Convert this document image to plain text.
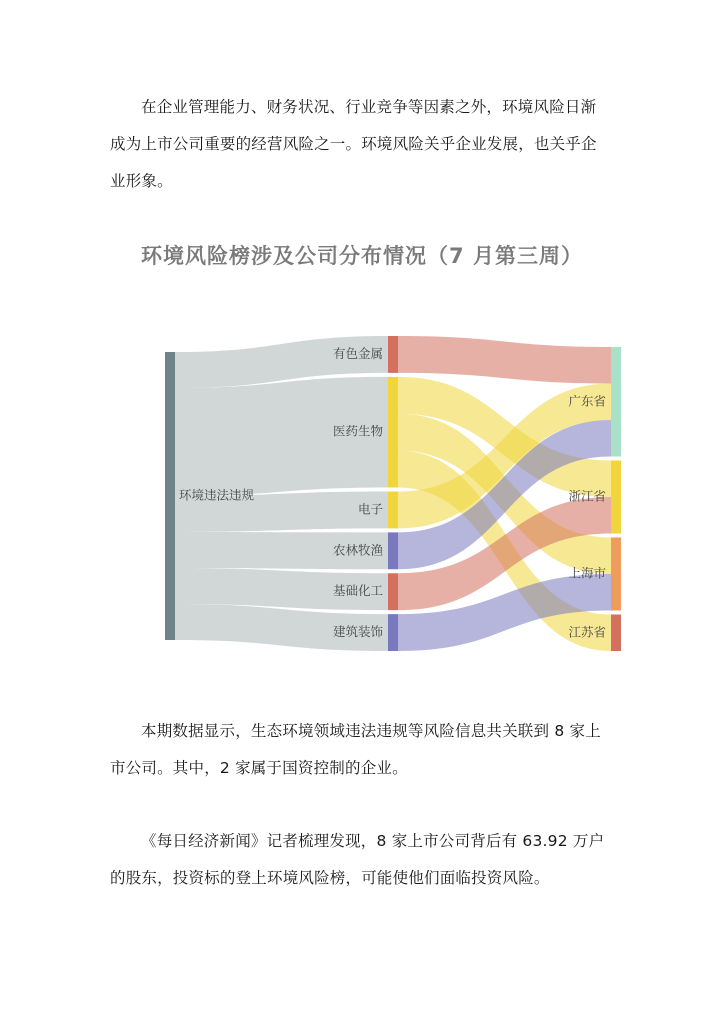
在企业管理能力、财务状况、行业竞争等因素之外，环境风险日渐成为上市公司重要的经营风险之一。环境风险关乎企业发展，也关乎企业形象。

环境风险榜涉及公司分布情况（7 月第三周）
环境违法违规
有色金属
医药生物
电子
农林牧渔
基础化工
建筑装饰
广东省
浙江省
上海市
江苏省

本期数据显示，生态环境领域违法违规等风险信息共关联到 8 家上市公司。其中，2 家属于国资控制的企业。

《每日经济新闻》记者梳理发现，8 家上市公司背后有 63.92 万户的股东，投资标的登上环境风险榜，可能使他们面临投资风险。
